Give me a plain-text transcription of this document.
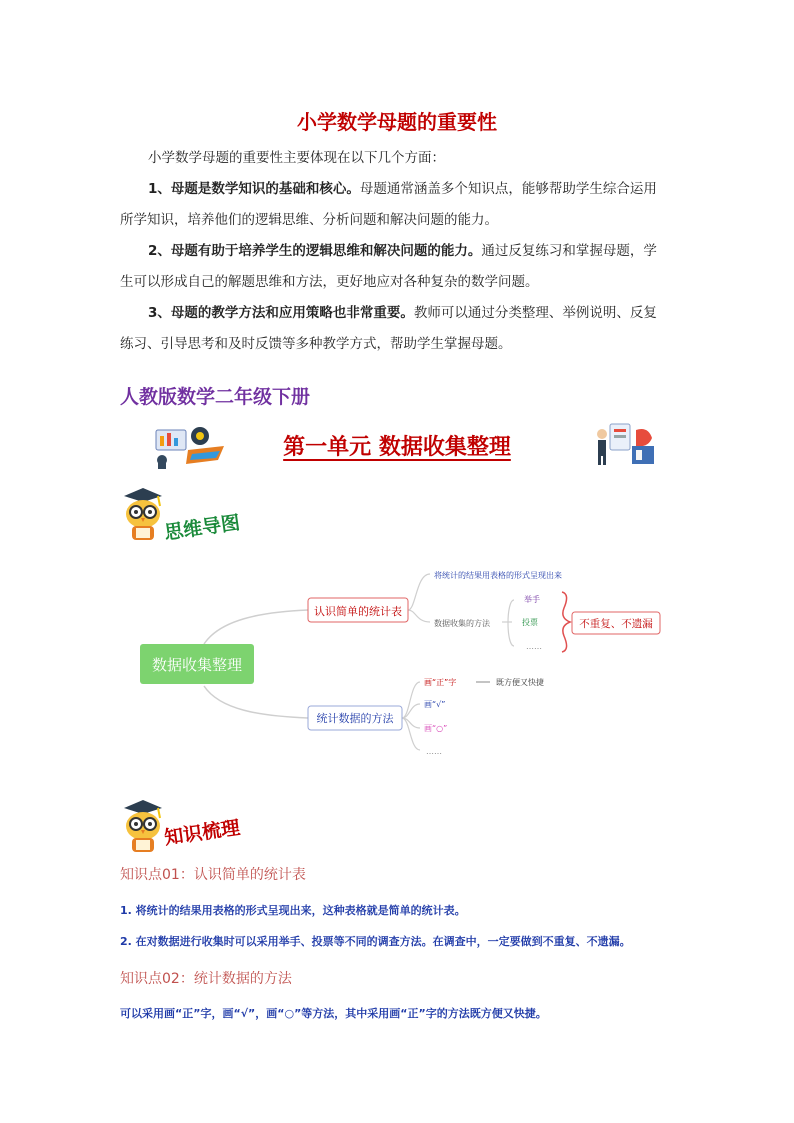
小学数学母题的重要性
小学数学母题的重要性主要体现在以下几个方面：
1、母题是数学知识的基础和核心。母题通常涵盖多个知识点，能够帮助学生综合运用
所学知识，培养他们的逻辑思维、分析问题和解决问题的能力。
2、母题有助于培养学生的逻辑思维和解决问题的能力。通过反复练习和掌握母题，学
生可以形成自己的解题思维和方法，更好地应对各种复杂的数学问题。
3、母题的教学方法和应用策略也非常重要。教师可以通过分类整理、举例说明、反复
练习、引导思考和及时反馈等多种教学方式，帮助学生掌握母题。
人教版数学二年级下册
第一单元 数据收集整理
思维导图
数据收集整理
认识简单的统计表
将统计的结果用表格的形式呈现出来
数据收集的方法
举手
投票
……
不重复、不遗漏
统计数据的方法
画“正”字	既方便又快捷
画“√”
画“○”
……
知识梳理
知识点01：认识简单的统计表
1. 将统计的结果用表格的形式呈现出来，这种表格就是简单的统计表。
2. 在对数据进行收集时可以采用举手、投票等不同的调查方法。在调查中，一定要做到不重复、不遗漏。
知识点02：统计数据的方法
可以采用画“正”字，画“√”，画“○”等方法，其中采用画“正”字的方法既方便又快捷。
